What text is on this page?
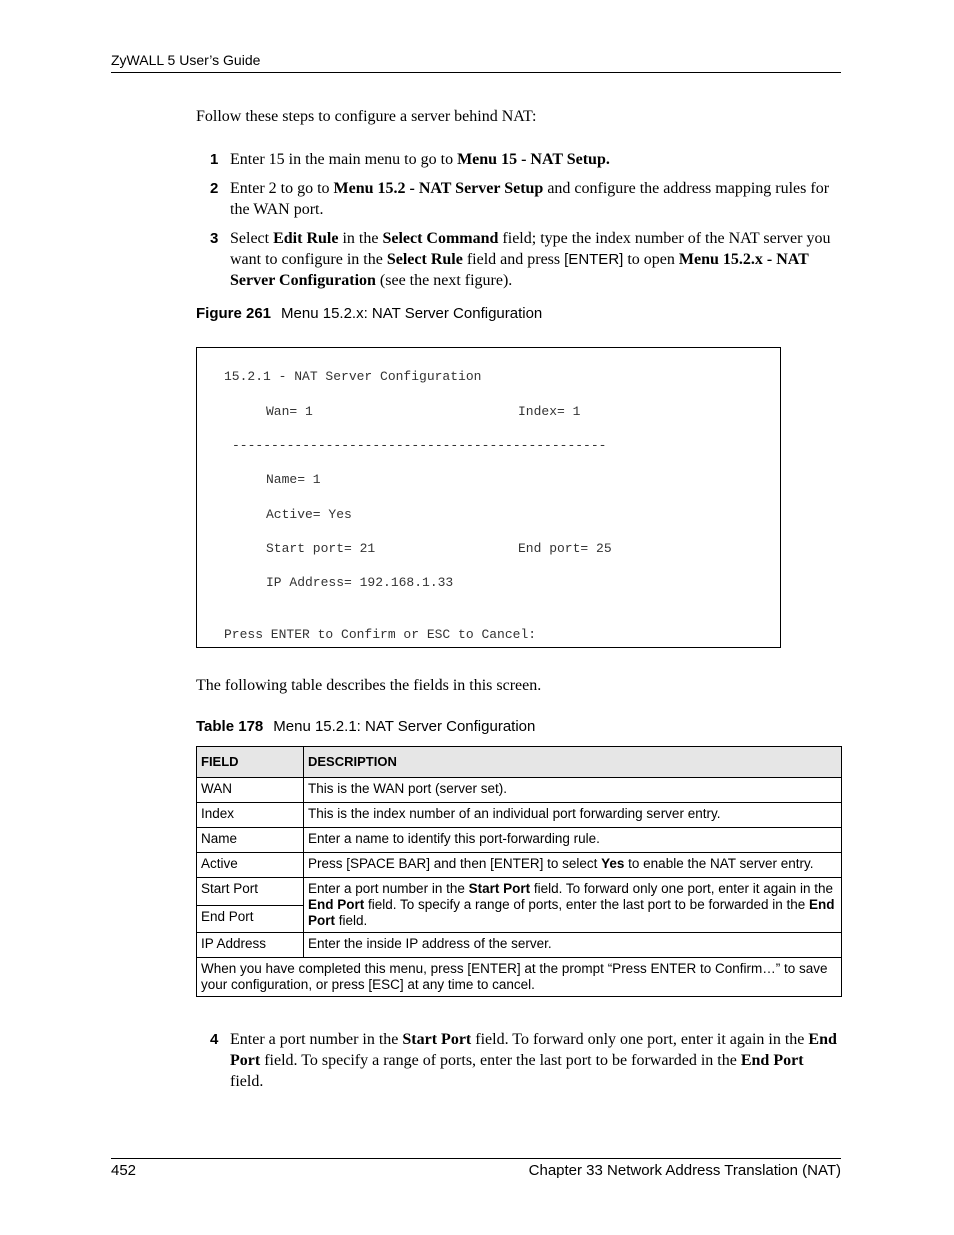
ZyWALL 5 User’s Guide
Follow these steps to configure a server behind NAT:
1 Enter 15 in the main menu to go to Menu 15 - NAT Setup.
2 Enter 2 to go to Menu 15.2 - NAT Server Setup and configure the address mapping rules for the WAN port.
3 Select Edit Rule in the Select Command field; type the index number of the NAT server you want to configure in the Select Rule field and press [ENTER] to open Menu 15.2.x - NAT Server Configuration (see the next figure).
Figure 261 Menu 15.2.x: NAT Server Configuration
15.2.1 - NAT Server Configuration
Wan= 1	Index= 1
------------------------------------------------
Name= 1
Active= Yes
Start port= 21	End port= 25
IP Address= 192.168.1.33
Press ENTER to Confirm or ESC to Cancel:
The following table describes the fields in this screen.
Table 178 Menu 15.2.1: NAT Server Configuration
FIELD	DESCRIPTION
WAN	This is the WAN port (server set).
Index	This is the index number of an individual port forwarding server entry.
Name	Enter a name to identify this port-forwarding rule.
Active	Press [SPACE BAR] and then [ENTER] to select Yes to enable the NAT server entry.
Start Port	Enter a port number in the Start Port field. To forward only one port, enter it again in the End Port field. To specify a range of ports, enter the last port to be forwarded in the End Port field.
End Port	
IP Address	Enter the inside IP address of the server.
When you have completed this menu, press [ENTER] at the prompt “Press ENTER to Confirm…” to save your configuration, or press [ESC] at any time to cancel.	
4 Enter a port number in the Start Port field. To forward only one port, enter it again in the End Port field. To specify a range of ports, enter the last port to be forwarded in the End Port field.
452	Chapter 33 Network Address Translation (NAT)
